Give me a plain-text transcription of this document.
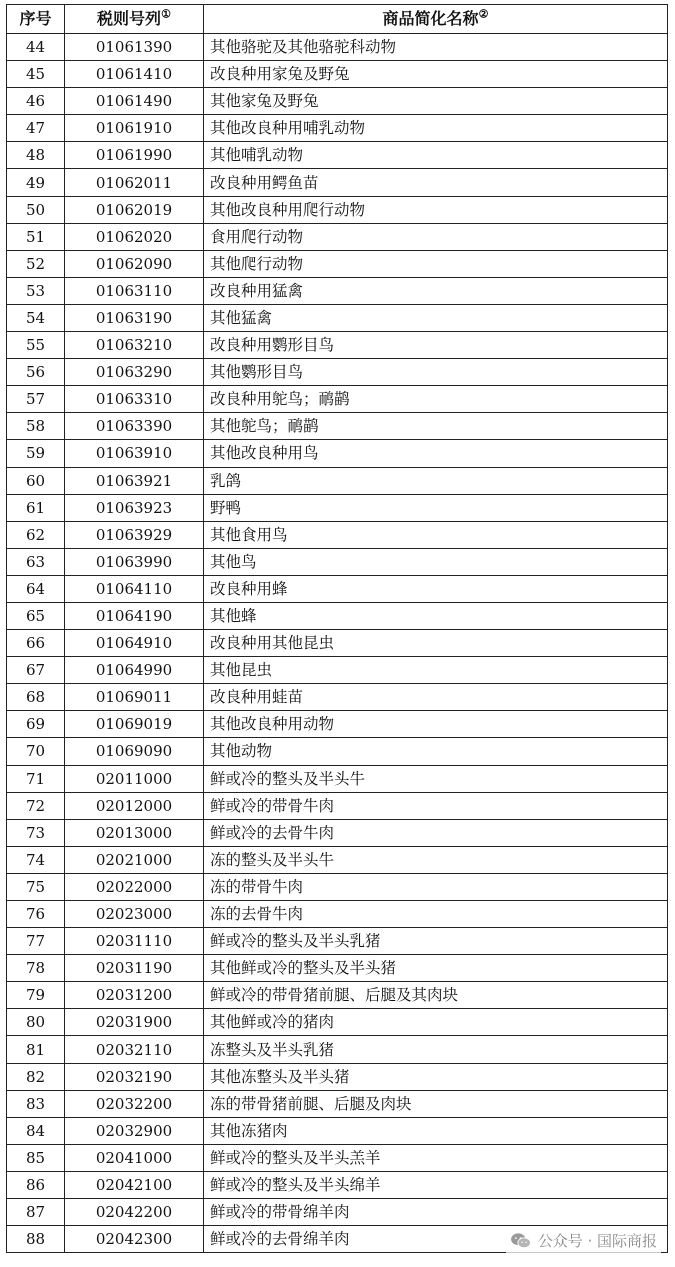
序号	税则号列①	商品简化名称②
44	01061390	其他骆驼及其他骆驼科动物
45	01061410	改良种用家兔及野兔
46	01061490	其他家兔及野兔
47	01061910	其他改良种用哺乳动物
48	01061990	其他哺乳动物
49	01062011	改良种用鳄鱼苗
50	01062019	其他改良种用爬行动物
51	01062020	食用爬行动物
52	01062090	其他爬行动物
53	01063110	改良种用猛禽
54	01063190	其他猛禽
55	01063210	改良种用鹦形目鸟
56	01063290	其他鹦形目鸟
57	01063310	改良种用鸵鸟；鸸鹋
58	01063390	其他鸵鸟；鸸鹋
59	01063910	其他改良种用鸟
60	01063921	乳鸽
61	01063923	野鸭
62	01063929	其他食用鸟
63	01063990	其他鸟
64	01064110	改良种用蜂
65	01064190	其他蜂
66	01064910	改良种用其他昆虫
67	01064990	其他昆虫
68	01069011	改良种用蛙苗
69	01069019	其他改良种用动物
70	01069090	其他动物
71	02011000	鲜或冷的整头及半头牛
72	02012000	鲜或冷的带骨牛肉
73	02013000	鲜或冷的去骨牛肉
74	02021000	冻的整头及半头牛
75	02022000	冻的带骨牛肉
76	02023000	冻的去骨牛肉
77	02031110	鲜或冷的整头及半头乳猪
78	02031190	其他鲜或冷的整头及半头猪
79	02031200	鲜或冷的带骨猪前腿、后腿及其肉块
80	02031900	其他鲜或冷的猪肉
81	02032110	冻整头及半头乳猪
82	02032190	其他冻整头及半头猪
83	02032200	冻的带骨猪前腿、后腿及肉块
84	02032900	其他冻猪肉
85	02041000	鲜或冷的整头及半头羔羊
86	02042100	鲜或冷的整头及半头绵羊
87	02042200	鲜或冷的带骨绵羊肉
88	02042300	鲜或冷的去骨绵羊肉	公众号 · 国际商报
